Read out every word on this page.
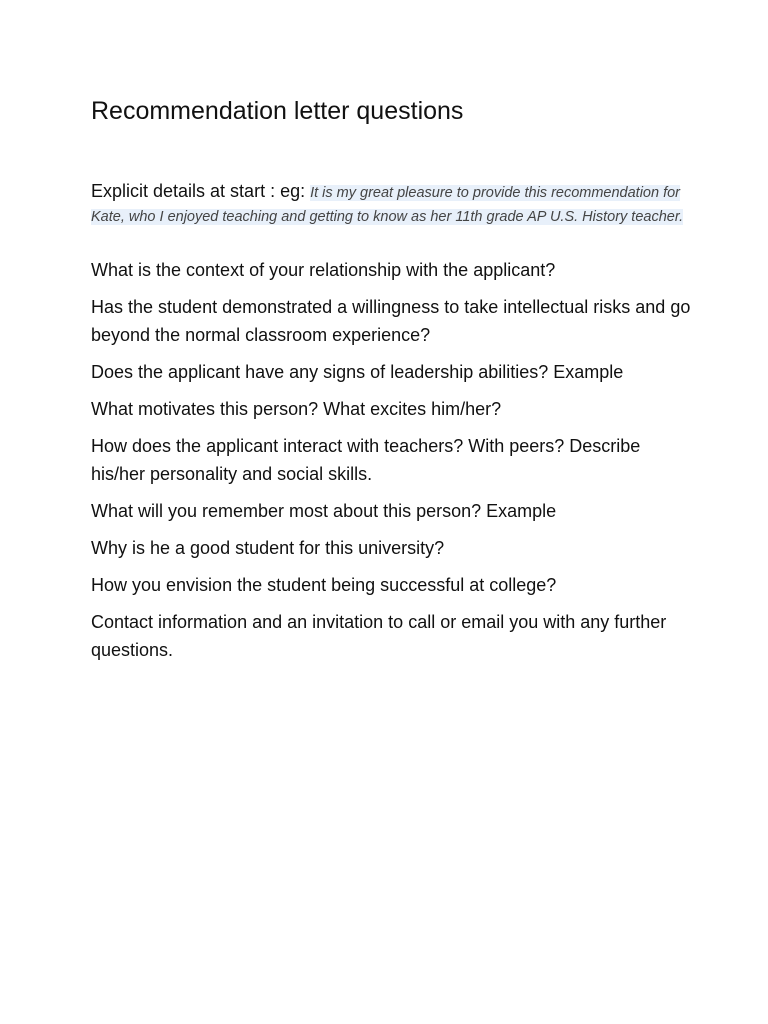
Recommendation letter questions

Explicit details at start : eg: It is my great pleasure to provide this recommendation for Kate, who I enjoyed teaching and getting to know as her 11th grade AP U.S. History teacher.

What is the context of your relationship with the applicant?
Has the student demonstrated a willingness to take intellectual risks and go beyond the normal classroom experience?
Does the applicant have any signs of leadership abilities? Example
What motivates this person? What excites him/her?
How does the applicant interact with teachers? With peers? Describe his/her personality and social skills.
What will you remember most about this person? Example
Why is he a good student for this university?
How you envision the student being successful at college?
Contact information and an invitation to call or email you with any further questions.
